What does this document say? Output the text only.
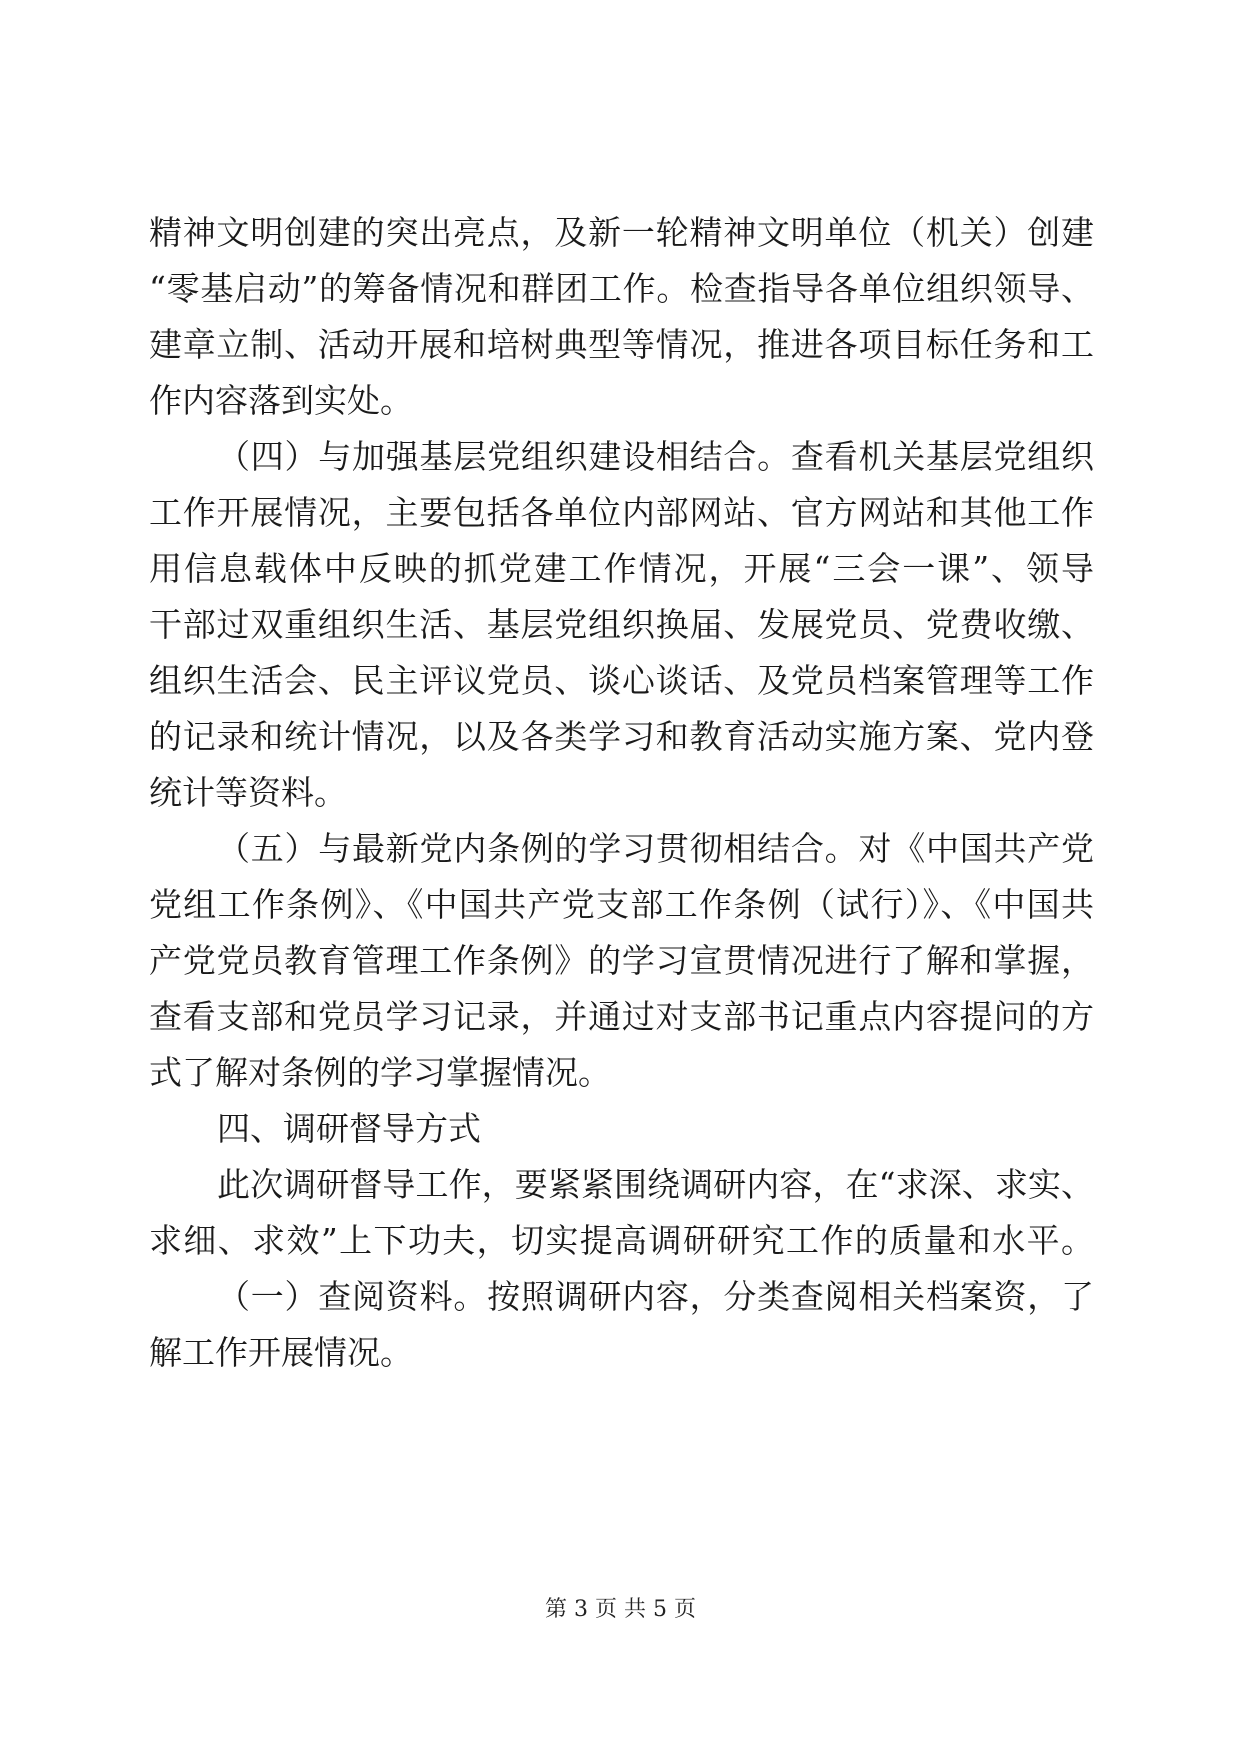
精神文明创建的突出亮点，及新一轮精神文明单位（机关）创建
“零基启动”的筹备情况和群团工作。检查指导各单位组织领导、
建章立制、活动开展和培树典型等情况，推进各项目标任务和工
作内容落到实处。
（四）与加强基层党组织建设相结合。查看机关基层党组织
工作开展情况，主要包括各单位内部网站、官方网站和其他工作
用信息载体中反映的抓党建工作情况，开展“三会一课”、领导
干部过双重组织生活、基层党组织换届、发展党员、党费收缴、
组织生活会、民主评议党员、谈心谈话、及党员档案管理等工作
的记录和统计情况，以及各类学习和教育活动实施方案、党内登
统计等资料。
（五）与最新党内条例的学习贯彻相结合。对《中国共产党
党组工作条例》、《中国共产党支部工作条例（试行）》、《中国共
产党党员教育管理工作条例》的学习宣贯情况进行了解和掌握，
查看支部和党员学习记录，并通过对支部书记重点内容提问的方
式了解对条例的学习掌握情况。
四、调研督导方式
此次调研督导工作，要紧紧围绕调研内容，在“求深、求实、
求细、求效”上下功夫，切实提高调研研究工作的质量和水平。
（一）查阅资料。按照调研内容，分类查阅相关档案资，了
解工作开展情况。
第 3 页 共 5 页
